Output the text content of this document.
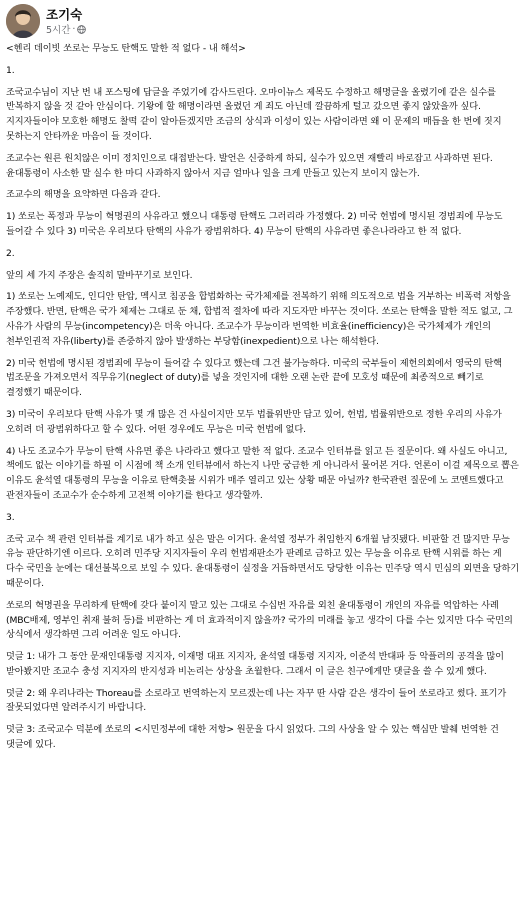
조기숙
5시간 ·

<헨리 데이빗 쏘로는 무능도 탄핵도 말한 적 없다 - 내 해석>

1.

조국교수님이 지난 번 내 포스팅에 답글을 주었기에 감사드린다. 오마이뉴스 제목도 수정하고 해명글을 올렸기에 같은 실수를 반복하지 않을 것 같아 안심이다. 기왕에 할 해명이라면 올렸던 게 죄도 아닌데 깔끔하게 털고 갔으면 좋지 않았을까 싶다. 지지자들이야 모호한 해명도 찰떡 같이 알아듣겠지만 조금의 상식과 이성이 있는 사람이라면 왜 이 문제의 매듭을 한 번에 짓지 못하는지 안타까운 마음이 들 것이다.

조교수는 원른 원치않은 이미 정치인으로 대접받는다. 발언은 신중하게 하되, 실수가 있으면 재빨리 바로잡고 사과하면 된다. 윤대통령이 사소한 말 실수 한 마디 사과하지 않아서 지금 얼마나 일을 크게 만들고 있는지 보이지 않는가.

조교수의 해명을 요약하면 다음과 같다.

1) 쏘로는 폭정과 무능이 혁명권의 사유라고 했으니 대통령 탄핵도 그러리라 가정했다. 2) 미국 헌법에 명시된 경범죄에 무능도 들어갈 수 있다 3) 미국은 우리보다 탄핵의 사유가 광범위하다. 4) 무능이 탄핵의 사유라면 좋은나라라고 한 적 없다.

2.

앞의 세 가지 주장은 솔직히 말바꾸기로 보인다.

1) 쏘로는 노예제도, 인디안 탄압, 멕시코 침공을 합법화하는 국가체제를 전복하기 위해 의도적으로 법을 거부하는 비폭력 저항을 주장했다. 반면, 탄핵은 국가 체제는 그대로 둔 채, 합법적 절차에 따라 지도자만 바꾸는 것이다. 쏘로는 탄핵을 말한 적도 없고, 그 사유가 사람의 무능(incompetency)은 더욱 아니다. 조교수가 무능이라 번역한 비효율(inefficiency)은 국가체제가 개인의 천부인권적 자유(liberty)를 존중하지 않아 발생하는 부당함(inexpedient)으로 나는 해석한다.

2) 미국 헌법에 명시된 경범죄에 무능이 들어갈 수 있다고 했는데 그건 불가능하다. 미국의 국부들이 제헌의회에서 영국의 탄핵 법조문을 가져오면서 직무유기(neglect of duty)를 넣을 것인지에 대한 오랜 논란 끝에 모호성 때문에 최종적으로 빼기로 결정했기 때문이다.

3) 미국이 우리보다 탄핵 사유가 몇 개 많은 건 사실이지만 모두 법률위반만 담고 있어, 헌법, 법률위반으로 정한 우리의 사유가 오히려 더 광범위하다고 할 수 있다. 어떤 경우에도 무능은 미국 헌법에 없다.

4) 나도 조교수가 무능이 탄핵 사유면 좋은 나라라고 했다고 말한 적 없다. 조교수 인터뷰를 읽고 든 질문이다. 왜 사실도 아니고, 책에도 없는 이야기를 하필 이 시점에 책 소개 인터뷰에서 하는지 나만 궁금한 게 아니라서 물어본 거다. 언론이 이걸 제목으로 뽑은 이유도 윤석열 대통령의 무능을 이유로 탄핵촛불 시위가 매주 열리고 있는 상황 때문 아닐까? 한국관련 질문에 노 코멘트했다고 관전자들이 조교수가 순수하게 고전책 이야기를 한다고 생각할까.

3.

조국 교수 책 관련 인터뷰를 계기로 내가 하고 싶은 말은 이거다. 윤석열 정부가 취임한지 6개월 남짓됐다. 비판할 건 많지만 무능 유능 판단하기엔 이르다. 오히려 민주당 지지자들이 우리 헌법재판소가 판례로 금하고 있는 무능을 이유로 탄핵 시위를 하는 게 다수 국민을 눈에는 대선불복으로 보일 수 있다. 윤대통령이 실정을 거듭하면서도 당당한 이유는 민주당 역시 민심의 외면을 당하기 때문이다.

쏘로의 혁명권을 무리하게 탄핵에 갖다 붙이지 말고 있는 그대로 수십번 자유를 외친 윤대통령이 개인의 자유를 억압하는 사례(MBC배제, 영부인 취재 불허 등)를 비판하는 게 더 효과적이지 않을까? 국가의 미래를 놓고 생각이 다를 수는 있지만 다수 국민의 상식에서 생각하면 그리 어려운 일도 아니다.

덧글 1: 내가 그 동안 문재인대통령 지지자, 이재명 대표 지지자, 윤석열 대통령 지지자, 이준석 반대파 등 악플러의 공격을 많이 받아봤지만 조교수 충성 지지자의 반지성과 비논리는 상상을 초월한다. 그래서 이 글은 친구에게만 댓글을 쓸 수 있게 했다.

덧글 2: 왜 우리나라는 Thoreau를 소로라고 번역하는지 모르겠는데 나는 자꾸 딴 사람 같은 생각이 들어 쏘로라고 썼다. 표기가 잘못되었다면 알려주시기 바랍니다.

덧글 3: 조국교수 덕분에 쏘로의 <시민정부에 대한 저항> 원문을 다시 읽었다. 그의 사상을 알 수 있는 핵심만 발췌 번역한 건 댓글에 있다.
